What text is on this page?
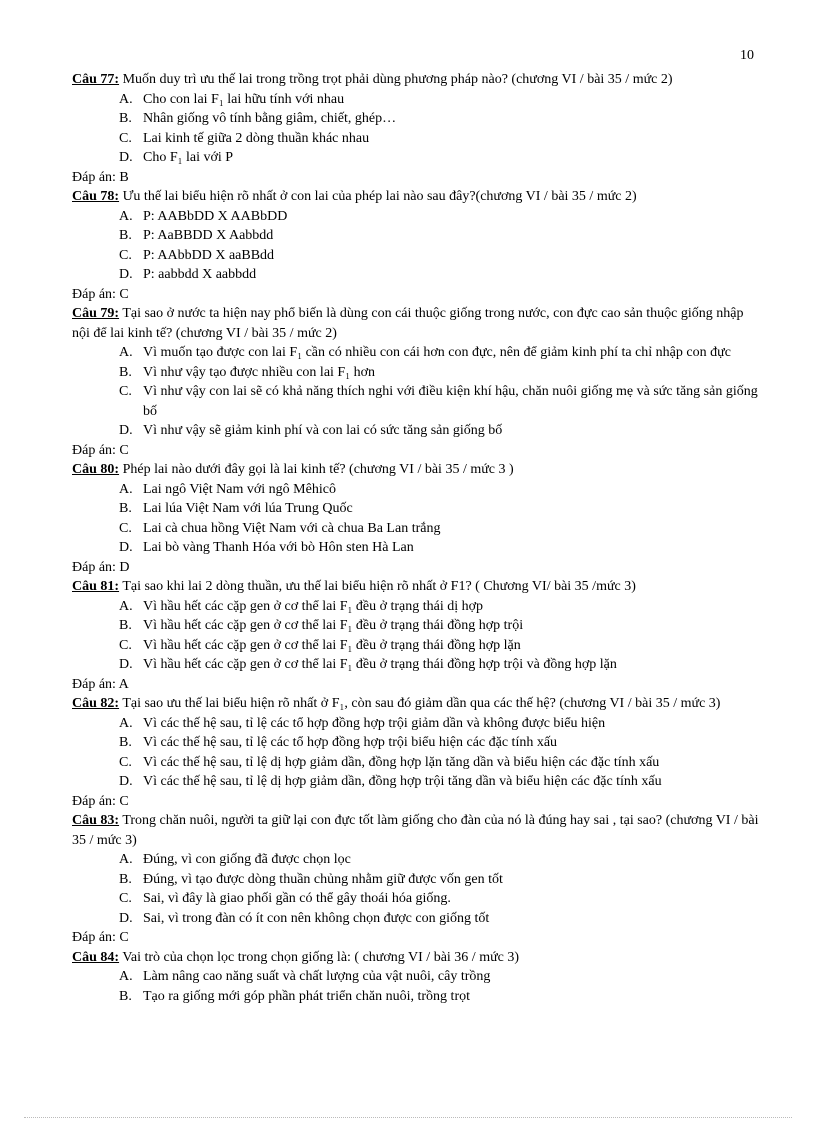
10

Câu 77: Muốn duy trì ưu thế lai trong trồng trọt phải dùng phương pháp nào? (chương VI / bài 35 / mức 2)

A. Cho con lai F₁ lai hữu tính với nhau
B. Nhân giống vô tính bằng giâm, chiết, ghép…
C. Lai kinh tế giữa 2 dòng thuần khác nhau
D. Cho F₁ lai với P

Đáp án: B

Câu 78: Ưu thế lai biểu hiện rõ nhất ở con lai của phép lai nào sau đây?(chương VI / bài 35 / mức 2)

A. P: AABbDD X AABbDD
B. P: AaBBDD X Aabbdd
C. P: AAbbDD X aaBBdd
D. P: aabbdd X aabbdd

Đáp án: C

Câu 79: Tại sao ở nước ta hiện nay phổ biến là dùng con cái thuộc giống trong nước, con đực cao sản thuộc giống nhập nội để lai kinh tế? (chương VI / bài 35 / mức 2)

A. Vì muốn tạo được con lai F₁ cần có nhiều con cái hơn con đực, nên để giảm kinh phí ta chỉ nhập con đực
B. Vì như vậy tạo được nhiều con lai F₁ hơn
C. Vì như vậy con lai sẽ có khả năng thích nghi với điều kiện khí hậu, chăn nuôi giống mẹ và sức tăng sản giống bố
D. Vì như vậy sẽ giảm kinh phí và con lai có sức tăng sản giống bố

Đáp án: C

Câu 80: Phép lai nào dưới đây gọi là lai kinh tế? (chương VI / bài 35 / mức 3 )

A. Lai ngô Việt Nam với ngô Mêhicô
B. Lai lúa Việt Nam với lúa Trung Quốc
C. Lai cà chua hồng Việt Nam với cà chua Ba Lan trắng
D. Lai bò vàng Thanh Hóa với bò Hôn sten Hà Lan

Đáp án: D

Câu 81: Tại sao khi lai 2 dòng thuần, ưu thế lai biểu hiện rõ nhất ở F1? ( Chương VI/ bài 35 /mức 3)

A. Vì hầu hết các cặp gen ở cơ thể lai F₁ đều ở trạng thái dị hợp
B. Vì hầu hết các cặp gen ở cơ thể lai F₁ đều ở trạng thái đồng hợp trội
C. Vì hầu hết các cặp gen ở cơ thể lai F₁ đều ở trạng thái đồng hợp lặn
D. Vì hầu hết các cặp gen ở cơ thể lai F₁ đều ở trạng thái đồng hợp trội và đồng hợp lặn

Đáp án: A

Câu 82: Tại sao ưu thế lai biểu hiện rõ nhất ở F₁, còn sau đó giảm dần qua các thế hệ? (chương VI / bài 35 / mức 3)

A. Vì các thế hệ sau, tỉ lệ các tổ hợp đồng hợp trội giảm dần và không được biểu hiện
B. Vì các thế hệ sau, tỉ lệ các tổ hợp đồng hợp trội biểu hiện các đặc tính xấu
C. Vì các thế hệ sau, tỉ lệ dị hợp giảm dần, đồng hợp lặn tăng dần và biểu hiện các đặc tính xấu
D. Vì các thế hệ sau, tỉ lệ dị hợp giảm dần, đồng hợp trội tăng dần và biểu hiện các đặc tính xấu

Đáp án: C

Câu 83: Trong chăn nuôi, người ta giữ lại con đực tốt làm giống cho đàn của nó là đúng hay sai , tại sao? (chương VI / bài 35 / mức 3)

A. Đúng, vì con giống đã được chọn lọc
B. Đúng, vì tạo được dòng thuần chủng nhằm giữ được vốn gen tốt
C. Sai, vì đây là giao phối gần có thể gây thoái hóa giống.
D. Sai, vì trong đàn có ít con nên không chọn được con giống tốt

Đáp án: C

Câu 84: Vai trò của chọn lọc trong chọn giống là: ( chương VI / bài 36 / mức 3)

A. Làm nâng cao năng suất và chất lượng của vật nuôi, cây trồng
B. Tạo ra giống mới góp phần phát triển chăn nuôi, trồng trọt
